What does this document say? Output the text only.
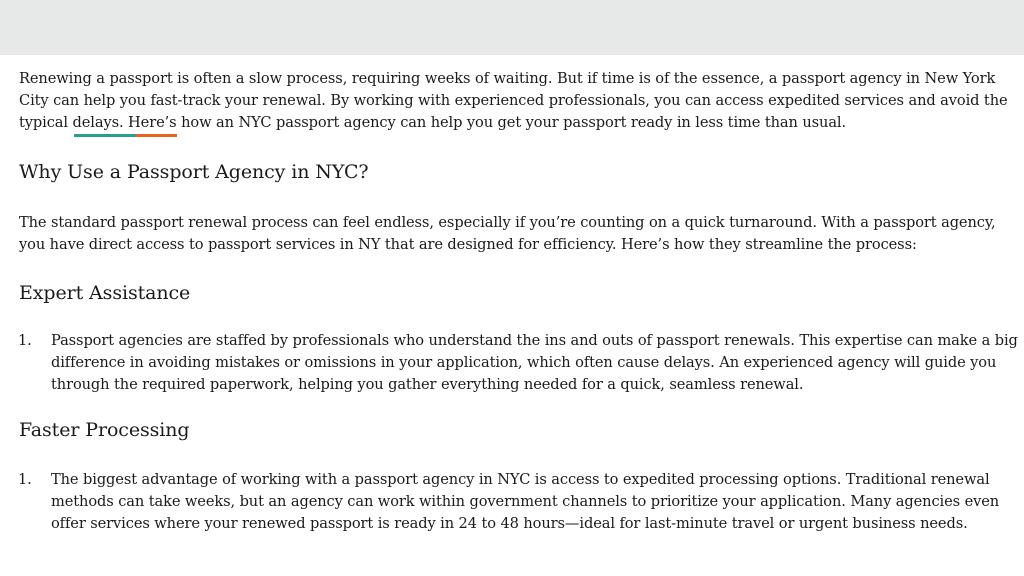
Renewing a passport is often a slow process, requiring weeks of waiting. But if time is of the essence, a passport agency in New York City can help you fast-track your renewal. By working with experienced professionals, you can access expedited services and avoid the typical delays. Here’s how an NYC passport agency can help you get your passport ready in less time than usual.

Why Use a Passport Agency in NYC?

The standard passport renewal process can feel endless, especially if you’re counting on a quick turnaround. With a passport agency, you have direct access to passport services in NY that are designed for efficiency. Here’s how they streamline the process:

Expert Assistance
1. Passport agencies are staffed by professionals who understand the ins and outs of passport renewals. This expertise can make a big difference in avoiding mistakes or omissions in your application, which often cause delays. An experienced agency will guide you through the required paperwork, helping you gather everything needed for a quick, seamless renewal.
Faster Processing
1. The biggest advantage of working with a passport agency in NYC is access to expedited processing options. Traditional renewal methods can take weeks, but an agency can work within government channels to prioritize your application. Many agencies even offer services where your renewed passport is ready in 24 to 48 hours—ideal for last-minute travel or urgent business needs.
